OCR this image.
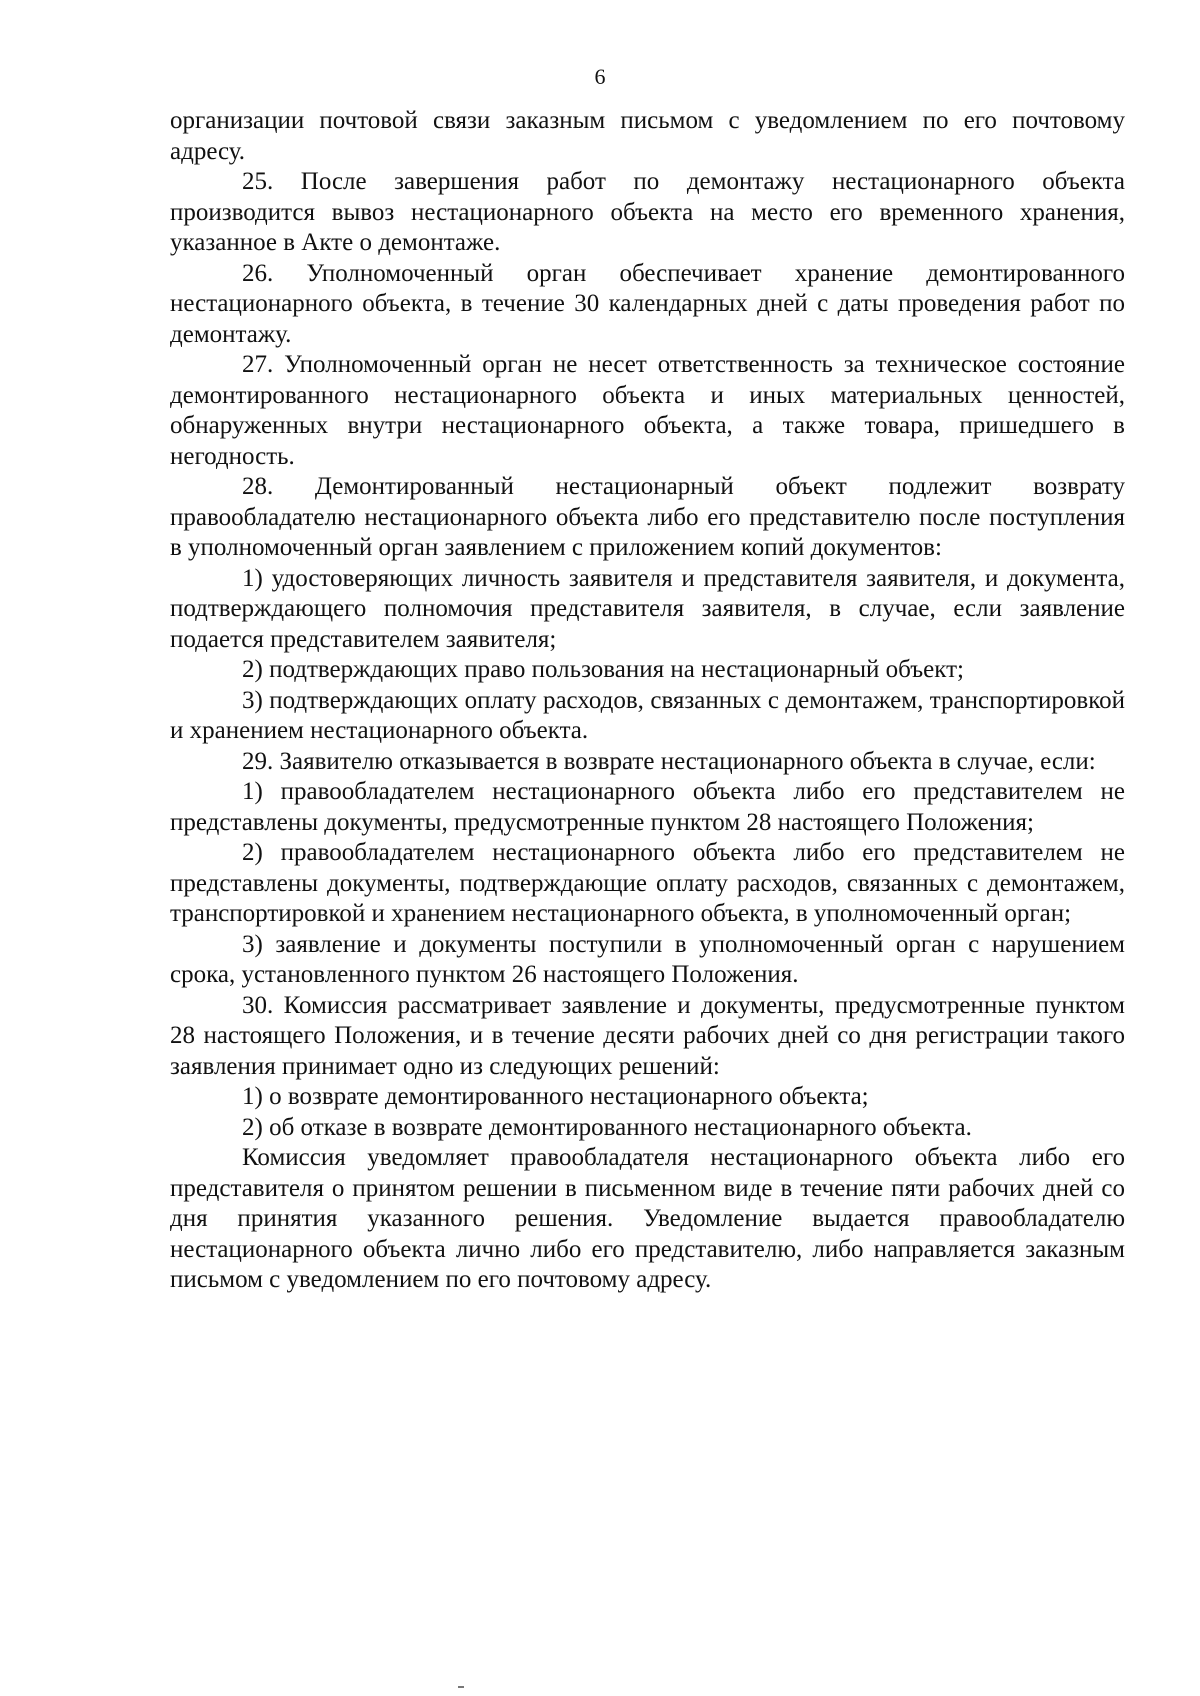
6

организации почтовой связи заказным письмом с уведомлением по его почтовому адресу.

25. После завершения работ по демонтажу нестационарного объекта производится вывоз нестационарного объекта на место его временного хранения, указанное в Акте о демонтаже.

26. Уполномоченный орган обеспечивает хранение демонтированного нестационарного объекта, в течение 30 календарных дней с даты проведения работ по демонтажу.

27. Уполномоченный орган не несет ответственность за техническое состояние демонтированного нестационарного объекта и иных материальных ценностей, обнаруженных внутри нестационарного объекта, а также товара, пришедшего в негодность.

28. Демонтированный нестационарный объект подлежит возврату правообладателю нестационарного объекта либо его представителю после поступления в уполномоченный орган заявлением с приложением копий документов:

1) удостоверяющих личность заявителя и представителя заявителя, и документа, подтверждающего полномочия представителя заявителя, в случае, если заявление подается представителем заявителя;

2) подтверждающих право пользования на нестационарный объект;

3) подтверждающих оплату расходов, связанных с демонтажем, транспортировкой и хранением нестационарного объекта.

29. Заявителю отказывается в возврате нестационарного объекта в случае, если:

1) правообладателем нестационарного объекта либо его представителем не представлены документы, предусмотренные пунктом 28 настоящего Положения;

2) правообладателем нестационарного объекта либо его представителем не представлены документы, подтверждающие оплату расходов, связанных с демонтажем, транспортировкой и хранением нестационарного объекта, в уполномоченный орган;

3) заявление и документы поступили в уполномоченный орган с нарушением срока, установленного пунктом 26 настоящего Положения.

30. Комиссия рассматривает заявление и документы, предусмотренные пунктом 28 настоящего Положения, и в течение десяти рабочих дней со дня регистрации такого заявления принимает одно из следующих решений:

1) о возврате демонтированного нестационарного объекта;

2) об отказе в возврате демонтированного нестационарного объекта.

Комиссия уведомляет правообладателя нестационарного объекта либо его представителя о принятом решении в письменном виде в течение пяти рабочих дней со дня принятия указанного решения. Уведомление выдается правообладателю нестационарного объекта лично либо его представителю, либо направляется заказным письмом с уведомлением по его почтовому адресу.
